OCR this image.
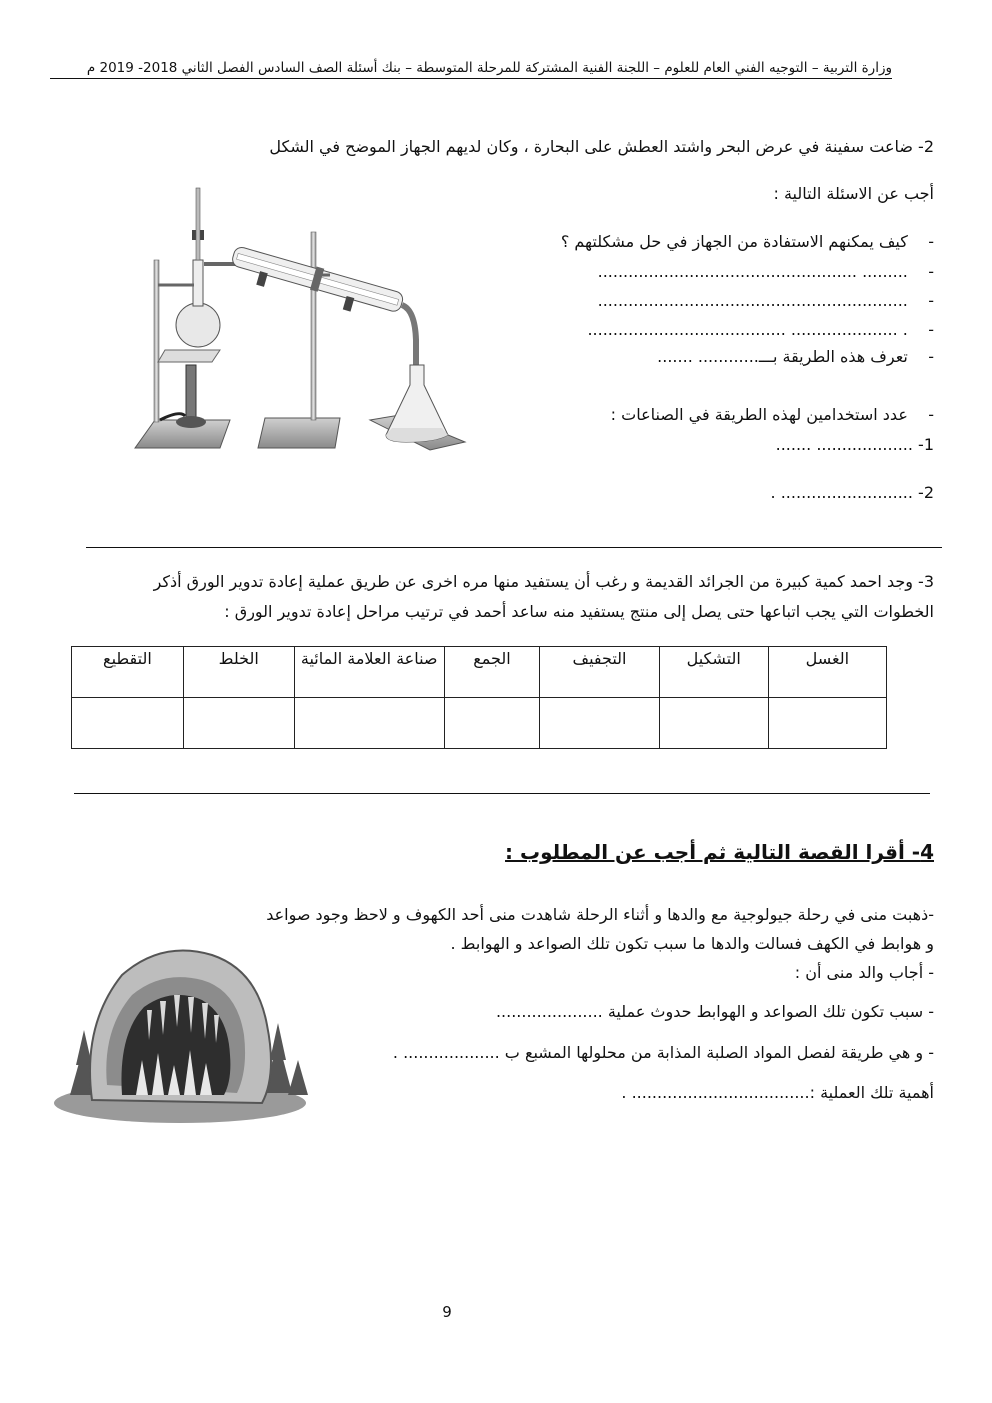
وزارة التربية – التوجيه الفني العام للعلوم – اللجنة الفنية المشتركة للمرحلة المتوسطة – بنك أسئلة الصف السادس الفصل الثاني 2018- 2019 م
2- ضاعت سفينة في عرض البحر واشتد العطش على البحارة ، وكان لديهم الجهاز الموضح في الشكل
أجب عن الاسئلة التالية :
-    كيف يمكنهم الاستفادة من الجهاز في حل مشكلتهم ؟
-    ......... ...................................................
-    .............................................................
-    . ..................... .......................................
-    تعرف هذه الطريقة بـــ............ .......
-    عدد استخدامين لهذه الطريقة في الصناعات :
1- ................... .......
2- .......................... .
3- وجد احمد كمية كبيرة من الجرائد القديمة و رغب أن يستفيد منها مره اخرى عن طريق عملية إعادة تدوير الورق أذكر
الخطوات التي يجب اتباعها حتى يصل إلى منتج يستفيد منه ساعد أحمد في ترتيب مراحل إعادة تدوير الورق :
التقطيع	الخلط	صناعة العلامة المائية	الجمع	التجفيف	التشكيل	الغسل

4- أقرا القصة التالية ثم أجب عن المطلوب :
-ذهبت منى في رحلة جيولوجية مع والدها و أثناء الرحلة شاهدت منى أحد الكهوف و لاحظ وجود صواعد
و هوابط في الكهف فسالت والدها ما سبب تكون تلك الصواعد و الهوابط .
- أجاب والد منى أن :
- سبب تكون تلك الصواعد و الهوابط حدوث عملية .....................
- و هي طريقة لفصل المواد الصلبة المذابة من محلولها المشبع ب ................... .
أهمية تلك العملية :................................... .
9
